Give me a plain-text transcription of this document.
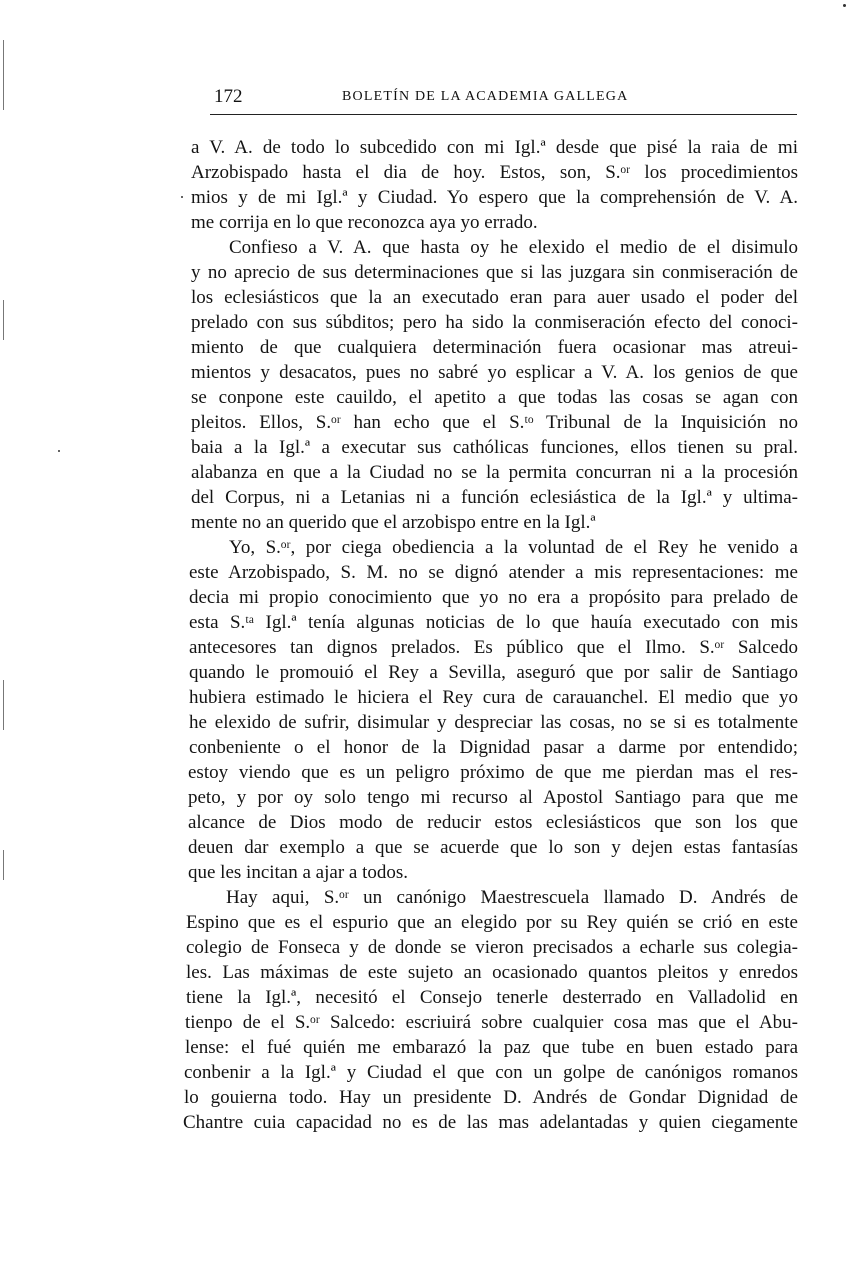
172	BOLETÍN DE LA ACADEMIA GALLEGA
a V. A. de todo lo subcedido con mi Igl.ª desde que pisé la raia de mi
Arzobispado hasta el dia de hoy. Estos, son, S.ᵒʳ los procedimientos
mios y de mi Igl.ª y Ciudad. Yo espero que la comprehensión de V. A.
me corrija en lo que reconozca aya yo errado.
Confieso a V. A. que hasta oy he elexido el medio de el disimulo
y no aprecio de sus determinaciones que si las juzgara sin conmiseración de
los eclesiásticos que la an executado eran para auer usado el poder del
prelado con sus súbditos; pero ha sido la conmiseración efecto del conoci-
miento de que cualquiera determinación fuera ocasionar mas atreui-
mientos y desacatos, pues no sabré yo esplicar a V. A. los genios de que
se conpone este cauildo, el apetito a que todas las cosas se agan con
pleitos. Ellos, S.ᵒʳ han echo que el S.ᵗᵒ Tribunal de la Inquisición no
baia a la Igl.ª a executar sus cathólicas funciones, ellos tienen su pral.
alabanza en que a la Ciudad no se la permita concurran ni a la procesión
del Corpus, ni a Letanias ni a función eclesiástica de la Igl.ª y ultima-
mente no an querido que el arzobispo entre en la Igl.ª
Yo, S.ᵒʳ, por ciega obediencia a la voluntad de el Rey he venido a
este Arzobispado, S. M. no se dignó atender a mis representaciones: me
decia mi propio conocimiento que yo no era a propósito para prelado de
esta S.ᵗᵃ Igl.ª tenía algunas noticias de lo que hauía executado con mis
antecesores tan dignos prelados. Es público que el Ilmo. S.ᵒʳ Salcedo
quando le promouió el Rey a Sevilla, aseguró que por salir de Santiago
hubiera estimado le hiciera el Rey cura de carauanchel. El medio que yo
he elexido de sufrir, disimular y despreciar las cosas, no se si es totalmente
conbeniente o el honor de la Dignidad pasar a darme por entendido;
estoy viendo que es un peligro próximo de que me pierdan mas el res-
peto, y por oy solo tengo mi recurso al Apostol Santiago para que me
alcance de Dios modo de reducir estos eclesiásticos que son los que
deuen dar exemplo a que se acuerde que lo son y dejen estas fantasías
que les incitan a ajar a todos.
Hay aqui, S.ᵒʳ un canónigo Maestrescuela llamado D. Andrés de
Espino que es el espurio que an elegido por su Rey quién se crió en este
colegio de Fonseca y de donde se vieron precisados a echarle sus colegia-
les. Las máximas de este sujeto an ocasionado quantos pleitos y enredos
tiene la Igl.ª, necesitó el Consejo tenerle desterrado en Valladolid en
tienpo de el S.ᵒʳ Salcedo: escriuirá sobre cualquier cosa mas que el Abu-
lense: el fué quién me embarazó la paz que tube en buen estado para
conbenir a la Igl.ª y Ciudad el que con un golpe de canónigos romanos
lo gouierna todo. Hay un presidente D. Andrés de Gondar Dignidad de
Chantre cuia capacidad no es de las mas adelantadas y quien ciegamente
